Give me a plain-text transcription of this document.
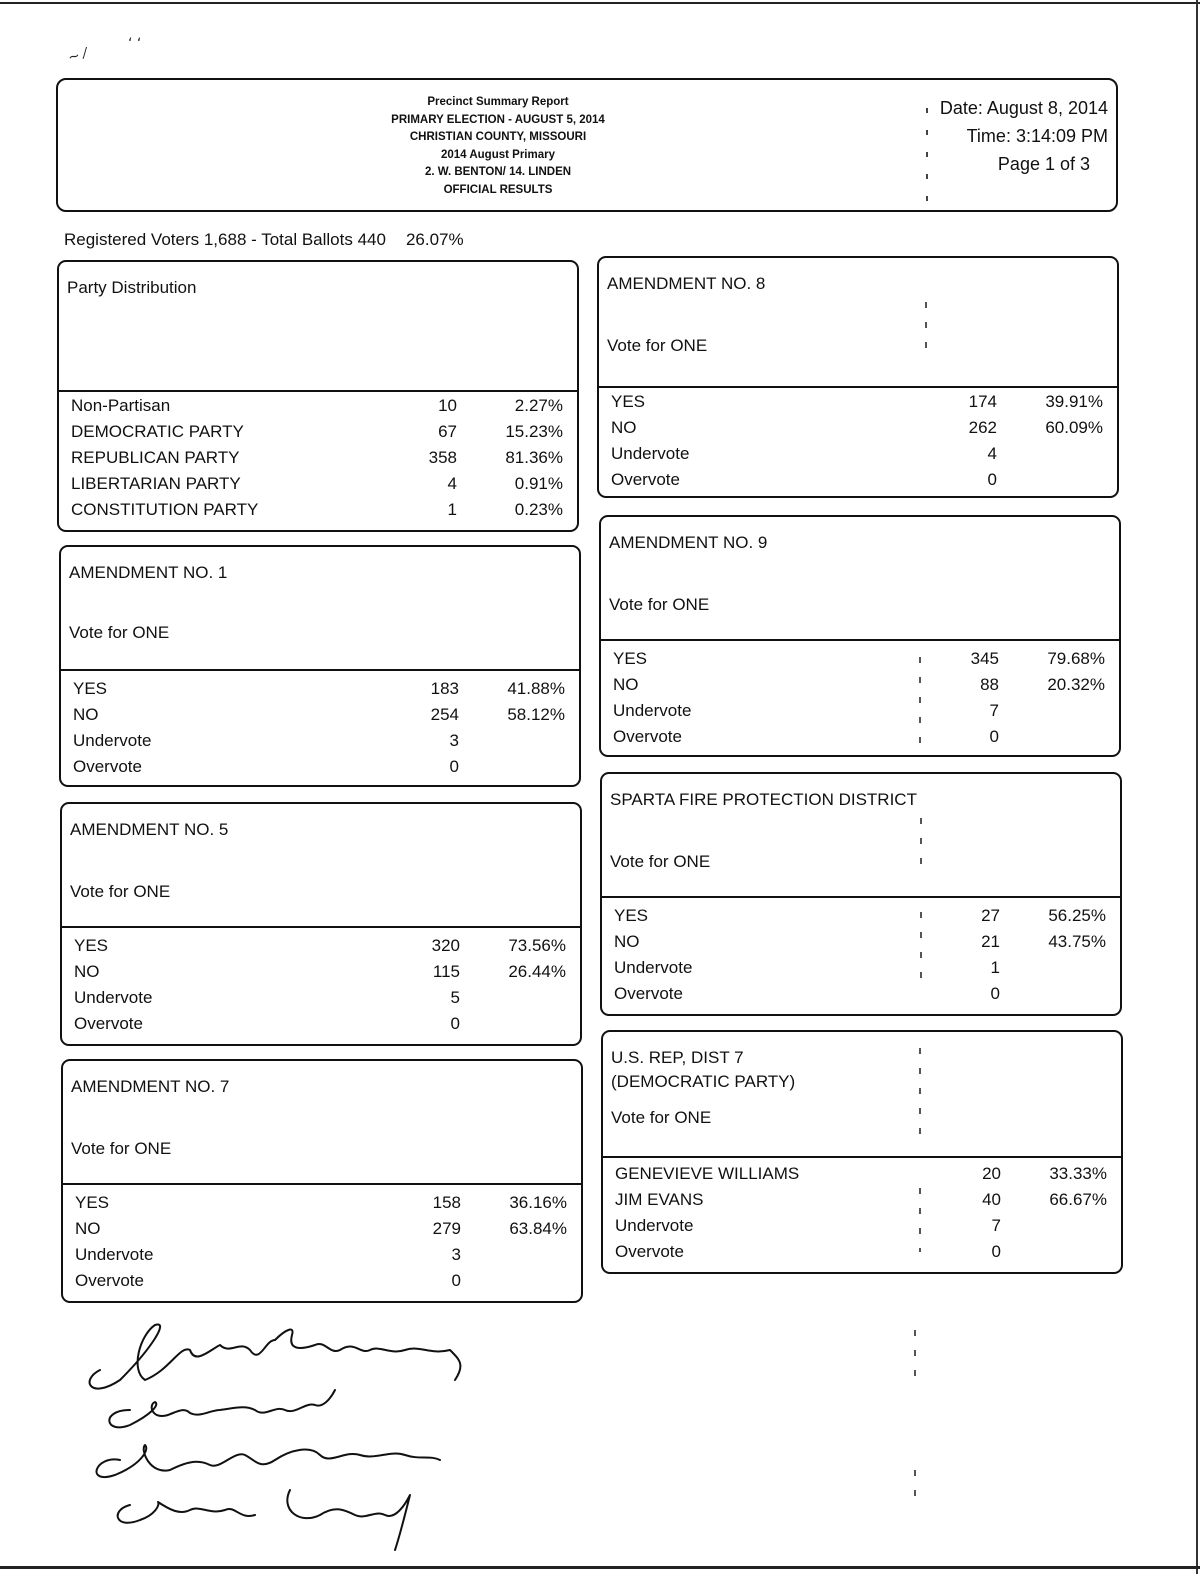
~ ⁄
‘ ‘
Precinct Summary Report
PRIMARY ELECTION - AUGUST 5, 2014
CHRISTIAN COUNTY, MISSOURI
2014 August Primary
2. W. BENTON/ 14. LINDEN
OFFICIAL RESULTS
Date: August 8, 2014
Time: 3:14:09 PM
Page 1 of 3
Registered Voters 1,688 - Total Ballots 440 26.07%
Party Distribution
Non-Partisan	10	2.27%
DEMOCRATIC PARTY	67	15.23%
REPUBLICAN PARTY	358	81.36%
LIBERTARIAN PARTY	4	0.91%
CONSTITUTION PARTY	1	0.23%
AMENDMENT NO. 1
Vote for ONE
YES	183	41.88%
NO	254	58.12%
Undervote	3
Overvote	0
AMENDMENT NO. 5
Vote for ONE
YES	320	73.56%
NO	115	26.44%
Undervote	5
Overvote	0
AMENDMENT NO. 7
Vote for ONE
YES	158	36.16%
NO	279	63.84%
Undervote	3
Overvote	0
AMENDMENT NO. 8
Vote for ONE
YES	174	39.91%
NO	262	60.09%
Undervote	4
Overvote	0
AMENDMENT NO. 9
Vote for ONE
YES	345	79.68%
NO	88	20.32%
Undervote	7
Overvote	0
SPARTA FIRE PROTECTION DISTRICT
Vote for ONE
YES	27	56.25%
NO	21	43.75%
Undervote	1
Overvote	0
U.S. REP, DIST 7
(DEMOCRATIC PARTY)
Vote for ONE
GENEVIEVE WILLIAMS	20	33.33%
JIM EVANS	40	66.67%
Undervote	7
Overvote	0
